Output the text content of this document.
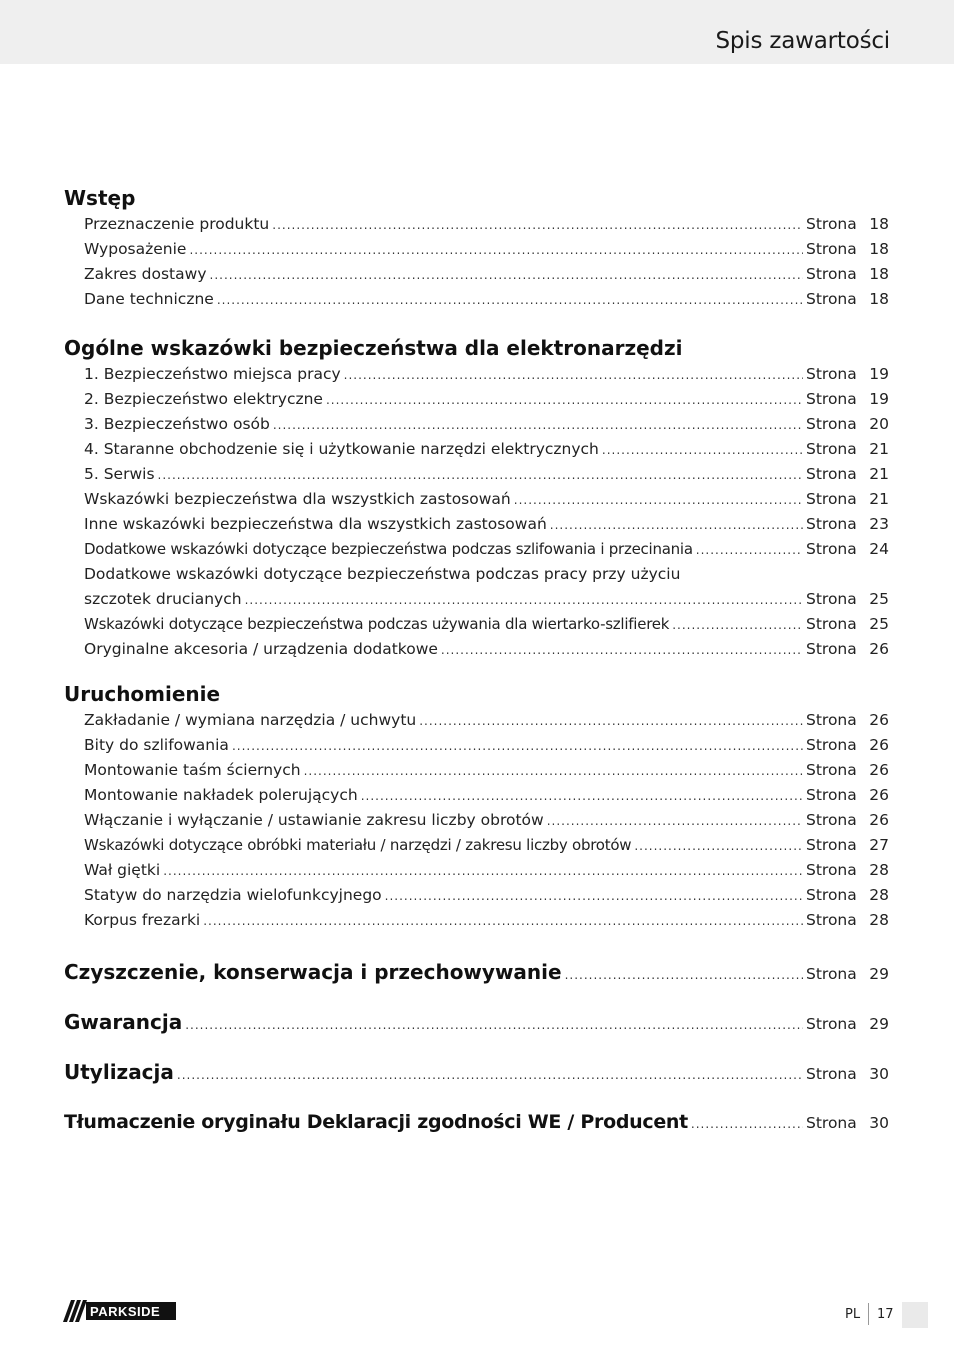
Spis zawartości
Wstęp
Przeznaczenie produktu .....	Strona 18
Wyposażenie .....	Strona 18
Zakres dostawy .....	Strona 18
Dane techniczne .....	Strona 18
Ogólne wskazówki bezpieczeństwa dla elektronarzędzi
1. Bezpieczeństwo miejsca pracy .....	Strona 19
2. Bezpieczeństwo elektryczne .....	Strona 19
3. Bezpieczeństwo osób .....	Strona 20
4. Staranne obchodzenie się i użytkowanie narzędzi elektrycznych .....	Strona 21
5. Serwis .....	Strona 21
Wskazówki bezpieczeństwa dla wszystkich zastosowań .....	Strona 21
Inne wskazówki bezpieczeństwa dla wszystkich zastosowań .....	Strona 23
Dodatkowe wskazówki dotyczące bezpieczeństwa podczas szlifowania i przecinania .....	Strona 24
Dodatkowe wskazówki dotyczące bezpieczeństwa podczas pracy przy użyciu
szczotek drucianych .....	Strona 25
Wskazówki dotyczące bezpieczeństwa podczas używania dla wiertarko-szlifierek .....	Strona 25
Oryginalne akcesoria / urządzenia dodatkowe .....	Strona 26
Uruchomienie
Zakładanie / wymiana narzędzia / uchwytu .....	Strona 26
Bity do szlifowania .....	Strona 26
Montowanie taśm ściernych .....	Strona 26
Montowanie nakładek polerujących .....	Strona 26
Włączanie i wyłączanie / ustawianie zakresu liczby obrotów .....	Strona 26
Wskazówki dotyczące obróbki materiału / narzędzi / zakresu liczby obrotów .....	Strona 27
Wał giętki .....	Strona 28
Statyw do narzędzia wielofunkcyjnego .....	Strona 28
Korpus frezarki .....	Strona 28
Czyszczenie, konserwacja i przechowywanie .....	Strona 29
Gwarancja .....	Strona 29
Utylizacja .....	Strona 30
Tłumaczenie oryginału Deklaracji zgodności WE / Producent .....	Strona 30
PARKSIDE	PL 17
